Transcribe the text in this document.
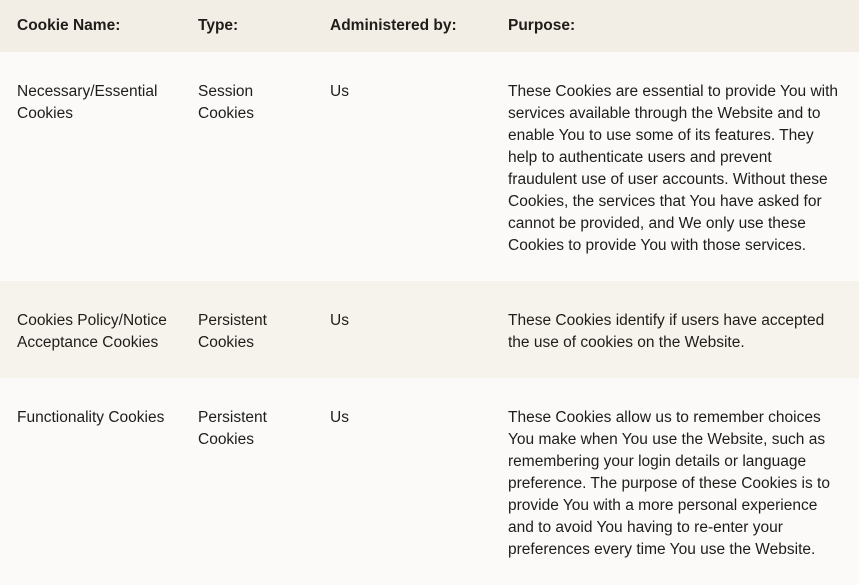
Cookie Name:	Type:	Administered by:	Purpose:
Necessary/Essential Cookies	Session Cookies	Us	These Cookies are essential to provide You with services available through the Website and to enable You to use some of its features. They help to authenticate users and prevent fraudulent use of user accounts. Without these Cookies, the services that You have asked for cannot be provided, and We only use these Cookies to provide You with those services.
Cookies Policy/Notice Acceptance Cookies	Persistent Cookies	Us	These Cookies identify if users have accepted the use of cookies on the Website.
Functionality Cookies	Persistent Cookies	Us	These Cookies allow us to remember choices You make when You use the Website, such as remembering your login details or language preference. The purpose of these Cookies is to provide You with a more personal experience and to avoid You having to re-enter your preferences every time You use the Website.
